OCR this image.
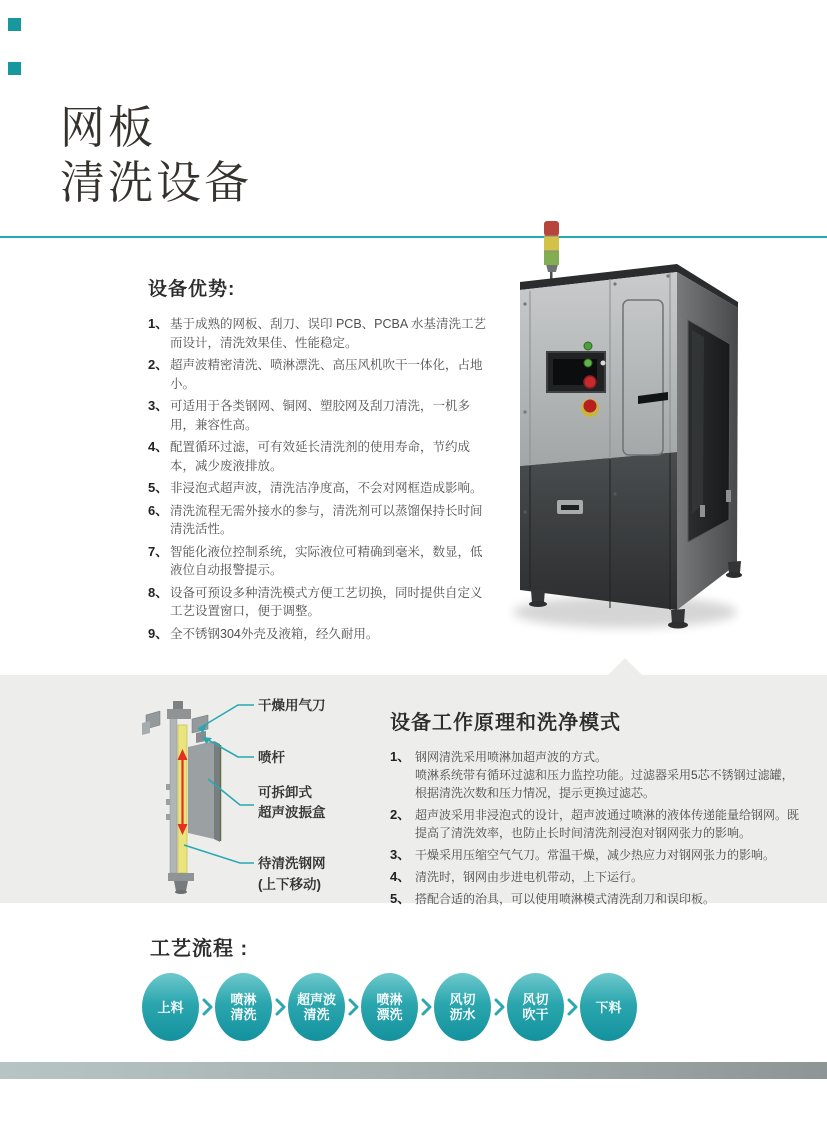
网板
清洗设备
设备优势:
1、 基于成熟的网板、刮刀、误印 PCB、PCBA 水基清洗工艺而设计，清洗效果佳、性能稳定。
2、 超声波精密清洗、喷淋漂洗、高压风机吹干一体化，占地小。
3、 可适用于各类钢网、铜网、塑胶网及刮刀清洗，一机多用，兼容性高。
4、 配置循环过滤，可有效延长清洗剂的使用寿命，节约成本，减少废液排放。
5、 非浸泡式超声波，清洗洁净度高，不会对网框造成影响。
6、 清洗流程无需外接水的参与，清洗剂可以蒸馏保持长时间清洗活性。
7、 智能化液位控制系统，实际液位可精确到毫米，数显，低液位自动报警提示。
8、 设备可预设多种清洗模式方便工艺切换，同时提供自定义工艺设置窗口，便于调整。
9、 全不锈钢304外壳及液箱，经久耐用。
干燥用气刀
喷杆
可拆卸式
超声波振盒
待清洗钢网
(上下移动)
设备工作原理和洗净模式
1、 钢网清洗采用喷淋加超声波的方式。
喷淋系统带有循环过滤和压力监控功能。过滤器采用5芯不锈钢过滤罐，根据清洗次数和压力情况，提示更换过滤芯。
2、 超声波采用非浸泡式的设计，超声波通过喷淋的液体传递能量给钢网。既提高了清洗效率，也防止长时间清洗剂浸泡对钢网张力的影响。
3、 干燥采用压缩空气气刀。常温干燥，减少热应力对钢网张力的影响。
4、 清洗时，钢网由步进电机带动，上下运行。
5、 搭配合适的治具，可以使用喷淋模式清洗刮刀和误印板。
工艺流程 :
上料	喷淋
清洗
超声波
清洗
喷淋
漂洗
风切
沥水
风切
吹干	下料
